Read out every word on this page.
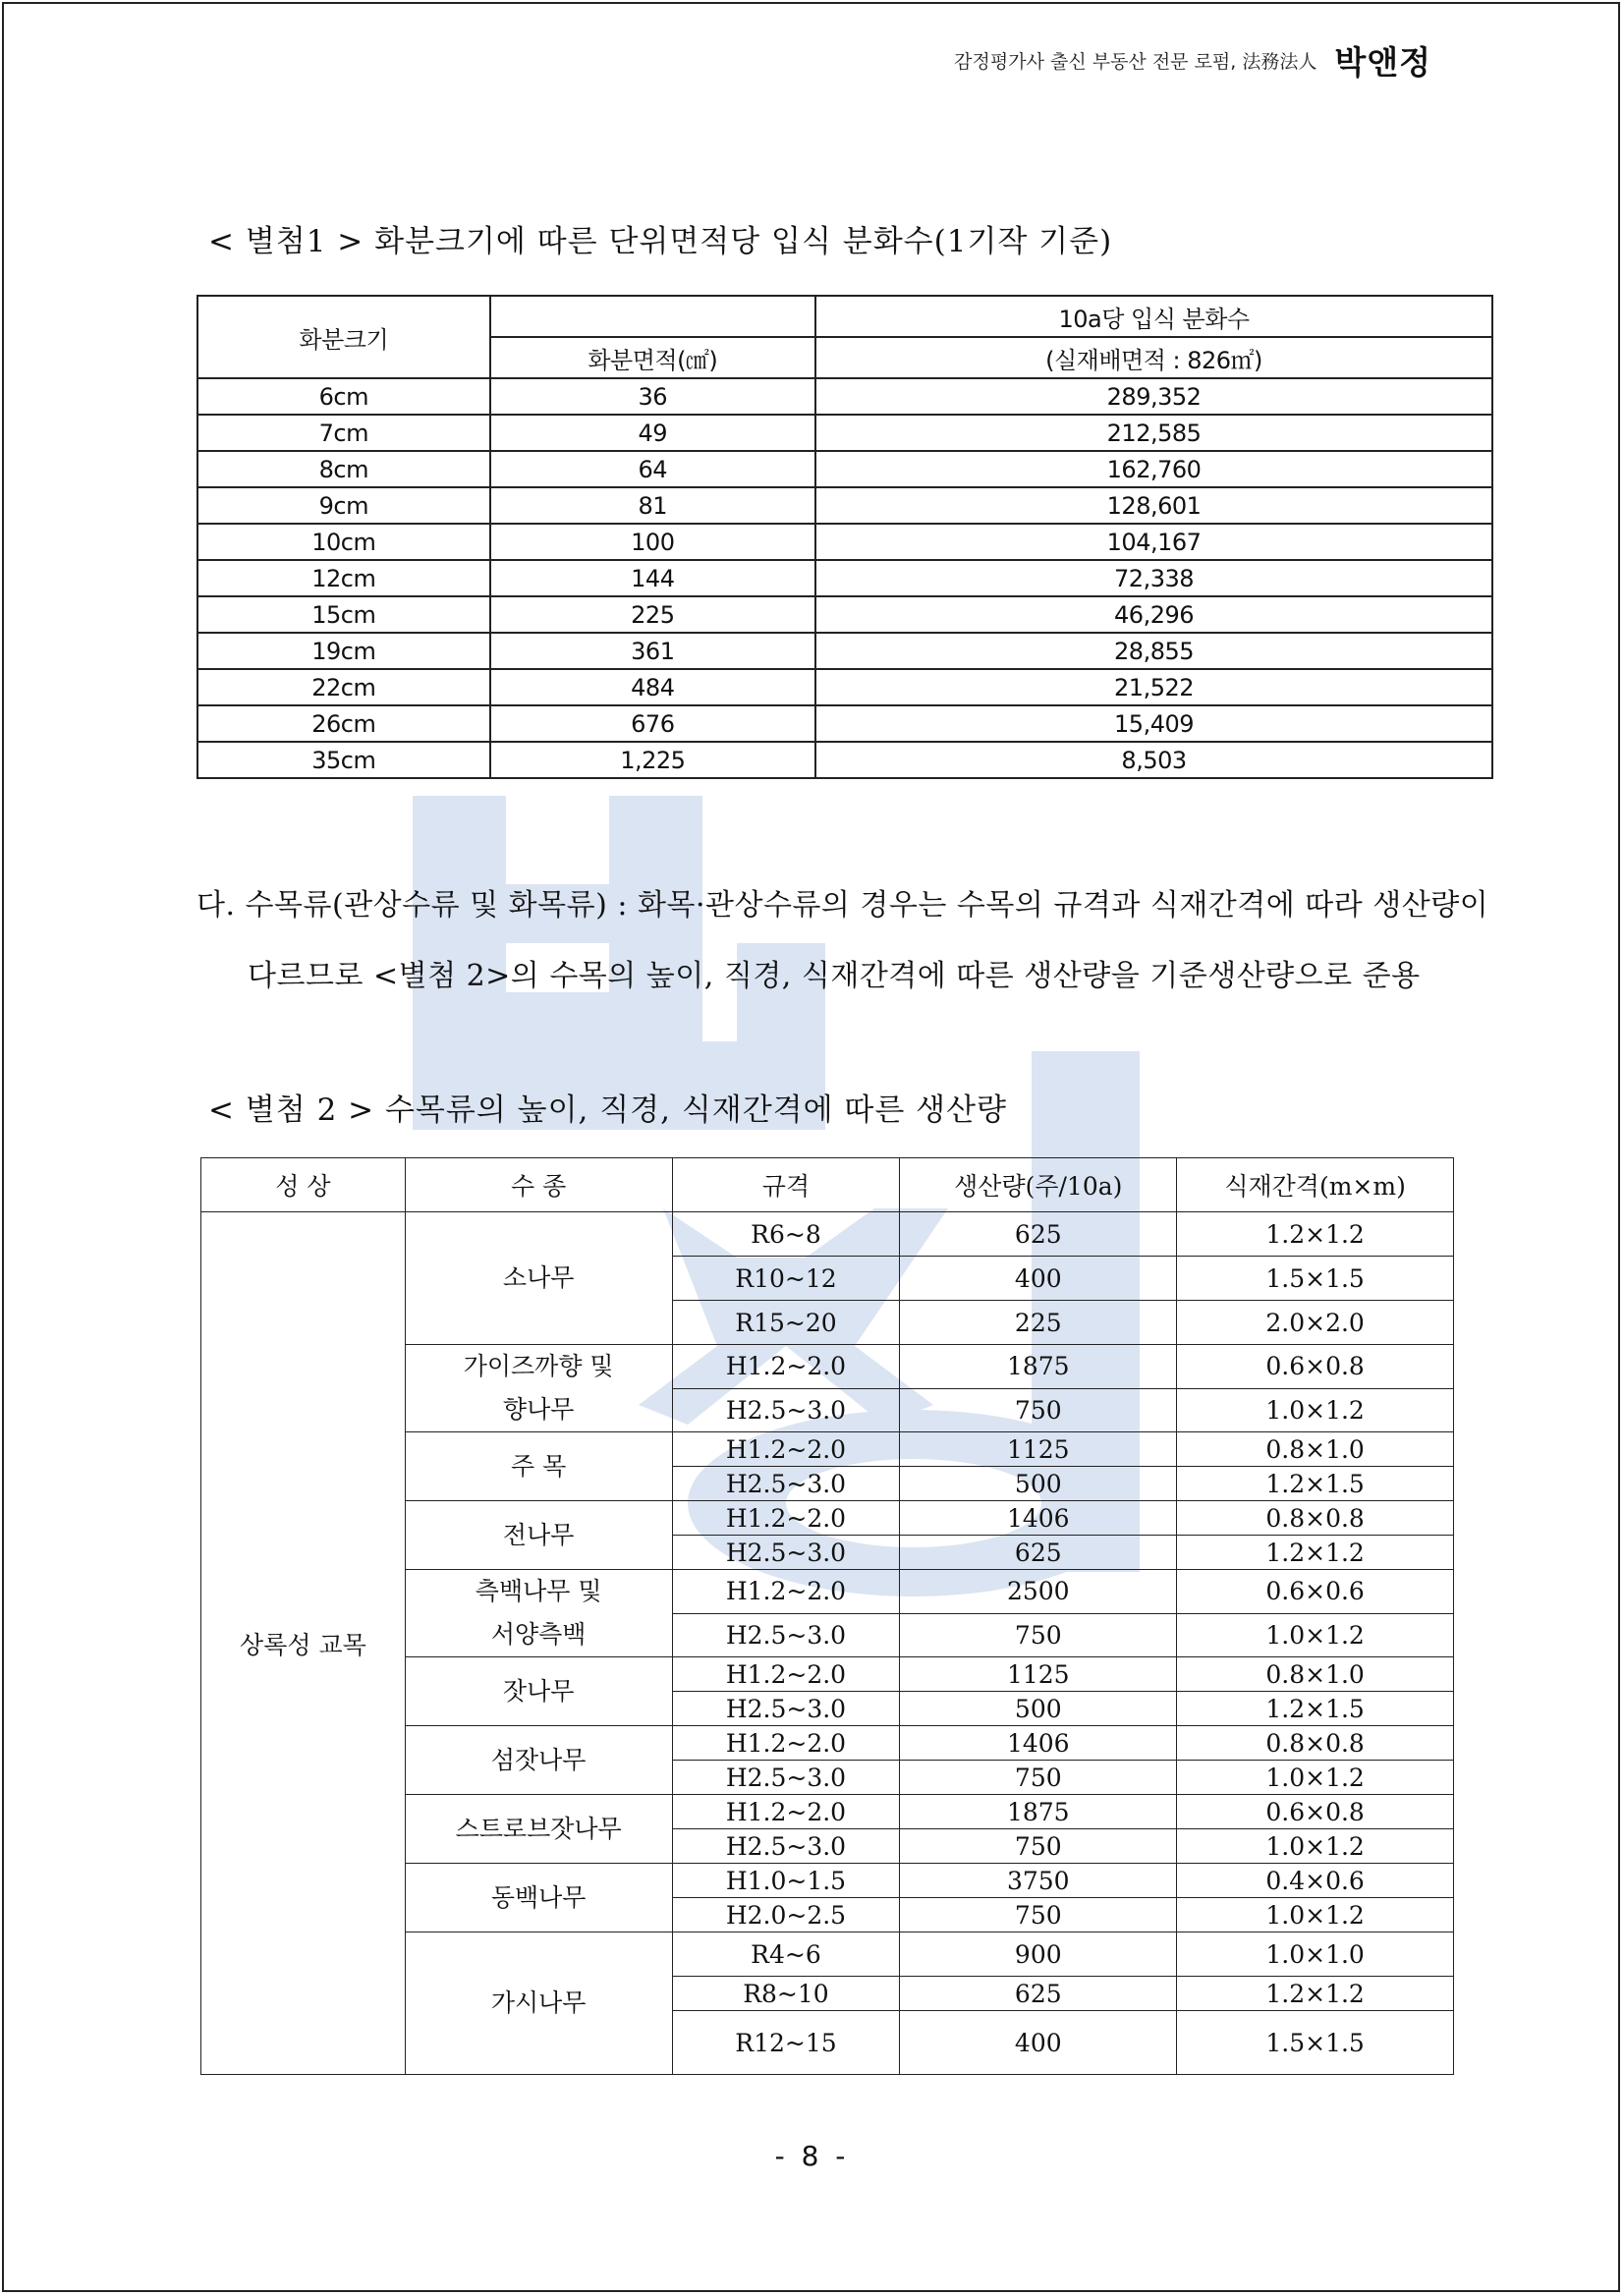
감정평가사 출신 부동산 전문 로펌, 法務法人 박앤정
< 별첨1 > 화분크기에 따른 단위면적당 입식 분화수(1기작 기준)
화분크기		10a당 입식 분화수
	화분면적(㎠)	(실재배면적 : 826㎡)
6cm	36	289,352
7cm	49	212,585
8cm	64	162,760
9cm	81	128,601
10cm	100	104,167
12cm	144	72,338
15cm	225	46,296
19cm	361	28,855
22cm	484	21,522
26cm	676	15,409
35cm	1,225	8,503
다. 수목류(관상수류 및 화목류) : 화목·관상수류의 경우는 수목의 규격과 식재간격에 따라 생산량이
다르므로 <별첨 2>의 수목의 높이, 직경, 식재간격에 따른 생산량을 기준생산량으로 준용
< 별첨 2 > 수목류의 높이, 직경, 식재간격에 따른 생산량
성 상	수 종	규격	생산량(주/10a)	식재간격(m×m)
상록성 교목	소나무	R6~8	625	1.2×1.2
		R10~12	400	1.5×1.5
		R15~20	225	2.0×2.0
	가이즈까향 및
향나무	H1.2~2.0	1875	0.6×0.8
		H2.5~3.0	750	1.0×1.2
	주 목	H1.2~2.0	1125	0.8×1.0
		H2.5~3.0	500	1.2×1.5
	전나무	H1.2~2.0	1406	0.8×0.8
		H2.5~3.0	625	1.2×1.2
	측백나무 및
서양측백	H1.2~2.0	2500	0.6×0.6
		H2.5~3.0	750	1.0×1.2
	잣나무	H1.2~2.0	1125	0.8×1.0
		H2.5~3.0	500	1.2×1.5
	섬잣나무	H1.2~2.0	1406	0.8×0.8
		H2.5~3.0	750	1.0×1.2
	스트로브잣나무	H1.2~2.0	1875	0.6×0.8
		H2.5~3.0	750	1.0×1.2
	동백나무	H1.0~1.5	3750	0.4×0.6
		H2.0~2.5	750	1.0×1.2
	가시나무	R4~6	900	1.0×1.0
		R8~10	625	1.2×1.2
		R12~15	400	1.5×1.5
- 8 -
